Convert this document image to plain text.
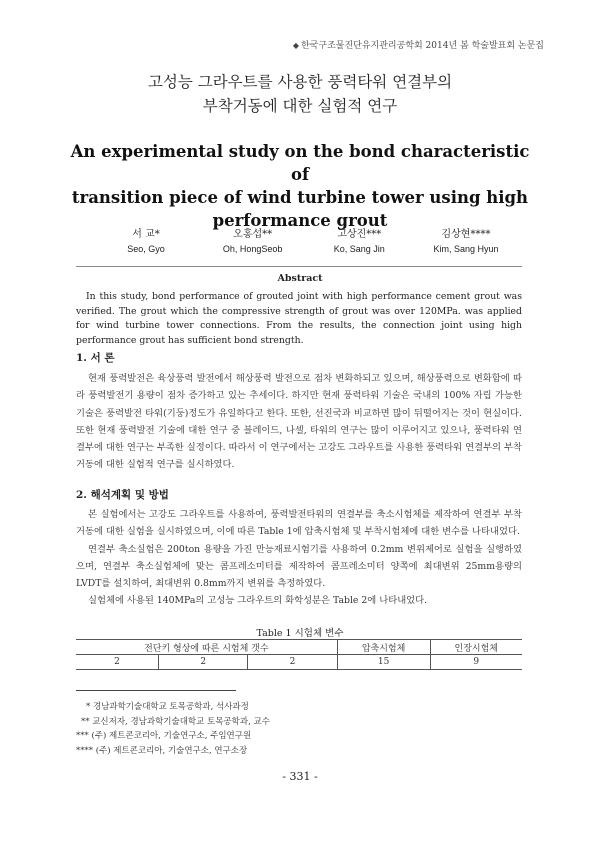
◆ 한국구조물진단유지관리공학회 2014년 봄 학술발표회 논문집
고성능 그라우트를 사용한 풍력타워 연결부의
부착거동에 대한 실험적 연구
An experimental study on the bond characteristic of
transition piece of wind turbine tower using high
performance grout
서 교*
Seo, Gyo
오홍섭**
Oh, HongSeob
고상진***
Ko, Sang Jin
김상현****
Kim, Sang Hyun
Abstract
In this study, bond performance of grouted joint with high performance cement grout was verified. The grout which the compressive strength of grout was over 120MPa. was applied for wind turbine tower connections. From the results, the connection joint using high performance grout has sufficient bond strength.
1. 서 론
현재 풍력발전은 육상풍력 발전에서 해상풍력 발전으로 점차 변화하되고 있으며, 해상풍력으로 변화함에 따라 풍력발전기 용량이 점차 증가하고 있는 추세이다. 하지만 현재 풍력타워 기술은 국내의 100% 자립 가능한 기술은 풍력발전 타워(기둥)정도가 유일하다고 한다. 또한, 선진국과 비교하면 많이 뒤떨어지는 것이 현실이다. 또한 현재 풍력발전 기술에 대한 연구 중 블레이드, 나셀, 타워의 연구는 많이 이루어지고 있으나, 풍력타워 연결부에 대한 연구는 부족한 실정이다. 따라서 이 연구에서는 고강도 그라우트를 사용한 풍력타워 연결부의 부착거동에 대한 실험적 연구를 실시하였다.
2. 해석계획 및 방법
본 실험에서는 고강도 그라우트를 사용하여, 풍력발전타워의 연결부를 축소시험체를 제작하여 연결부 부착거동에 대한 실험을 실시하였으며, 이에 따른 Table 1에 압축시험체 및 부착시험체에 대한 변수를 나타내었다.
연결부 축소실험은 200ton 용량을 가진 만능재료시험기를 사용하여 0.2mm 변위제어로 실험을 실행하였으며, 연결부 축소실험체에 맞는 콤프레소미터를 제작하여 콤프레소미터 양쪽에 최대변위 25mm용량의 LVDT를 설치하여, 최대변위 0.8mm까지 변위를 측정하였다.
실험체에 사용된 140MPa의 고성능 그라우트의 화학성분은 Table 2에 나타내었다.
Table 1 시험체 변수
전단키 형상에 따른 시험체 갯수			압축시험체	인장시험체
2	2	2	15	9
* 경남과학기술대학교 토목공학과, 석사과정
** 교신저자, 경남과학기술대학교 토목공학과, 교수
*** (주) 제트콘코리아, 기술연구소, 주임연구원
**** (주) 제트콘코리아, 기술연구소, 연구소장
- 331 -
